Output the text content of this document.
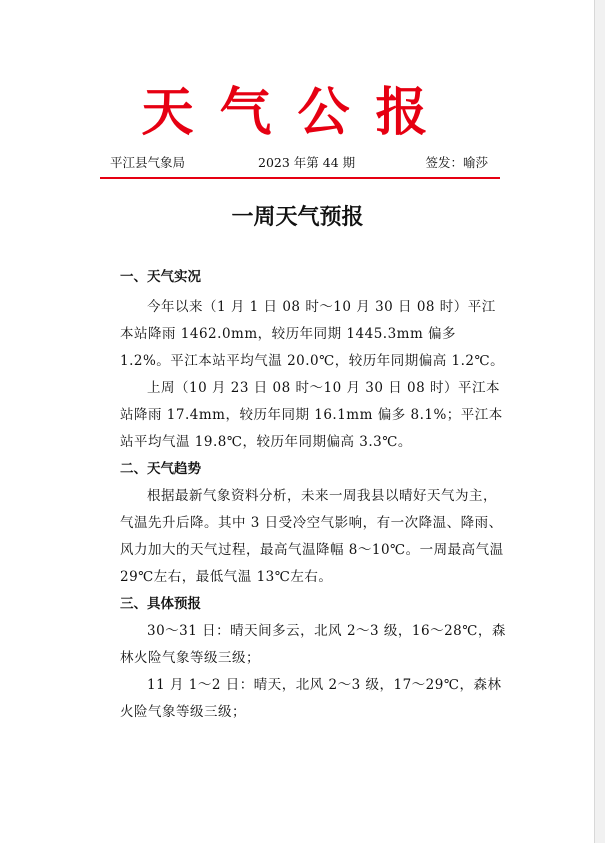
天气公报
平江县气象局	2023 年第 44 期	签发：喻莎
一周天气预报
一、天气实况
今年以来（1 月 1 日 08 时～10 月 30 日 08 时）平江本站降雨 1462.0mm，较历年同期 1445.3mm 偏多 1.2%。平江本站平均气温 20.0℃，较历年同期偏高 1.2℃。
上周（10 月 23 日 08 时～10 月 30 日 08 时）平江本站降雨 17.4mm，较历年同期 16.1mm 偏多 8.1%；平江本站平均气温 19.8℃，较历年同期偏高 3.3℃。
二、天气趋势
根据最新气象资料分析，未来一周我县以晴好天气为主，气温先升后降。其中 3 日受冷空气影响，有一次降温、降雨、风力加大的天气过程，最高气温降幅 8～10℃。一周最高气温 29℃左右，最低气温 13℃左右。
三、具体预报
30～31 日：晴天间多云，北风 2～3 级，16～28℃，森林火险气象等级三级；
11 月 1～2 日：晴天，北风 2～3 级，17～29℃，森林火险气象等级三级；
